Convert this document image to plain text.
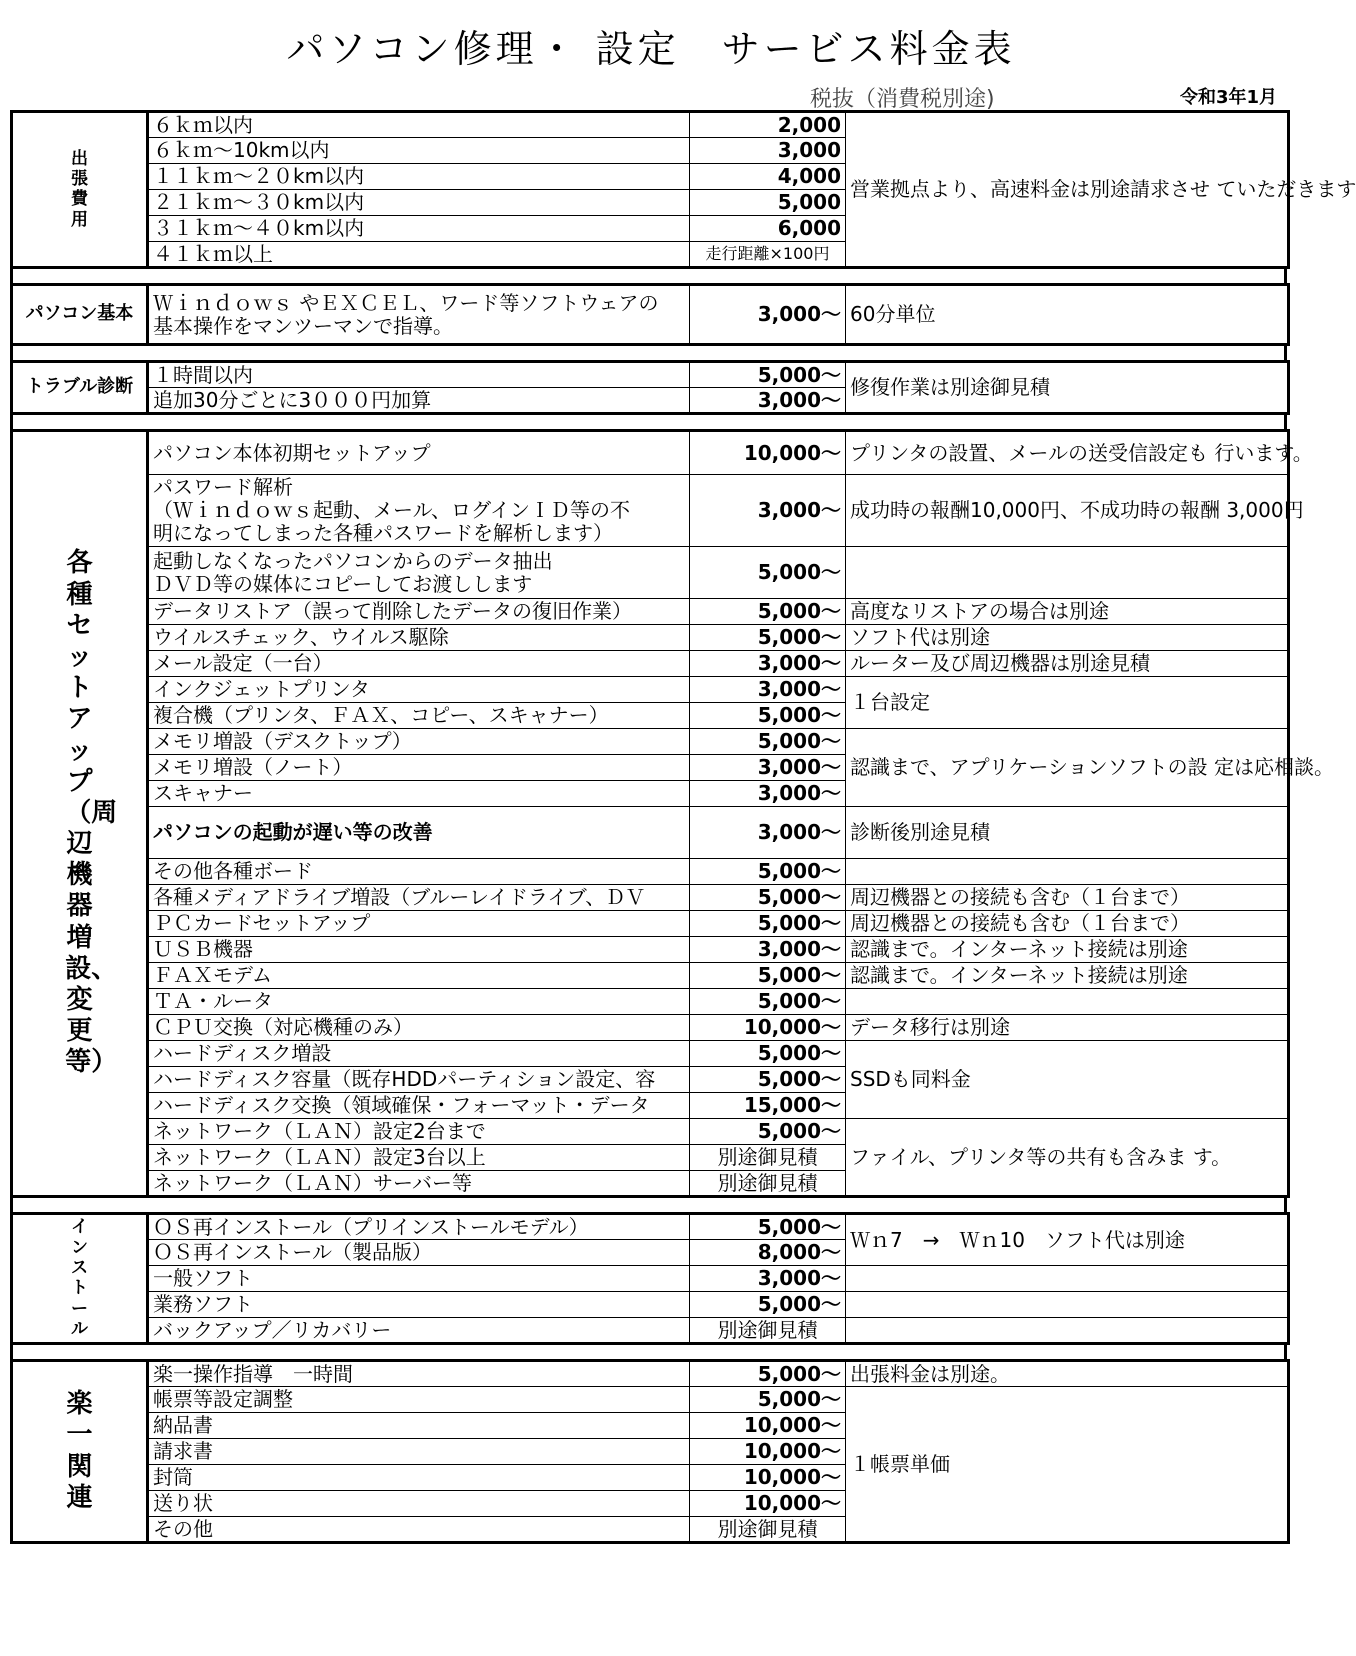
パソコン修理・ 設定　サービス料金表
税抜（消費税別途)	令和3年1月
出張費用	６ｋｍ以内	2,000	営業拠点より、高速料金は別途請求させ ていただきます
	６ｋｍ～10km以内	3,000	
	１１ｋｍ～２０km以内	4,000	
	２１ｋｍ～３０km以内	5,000	
	３１ｋｍ～４０km以内	6,000	
	４１ｋｍ以上	走行距離×100円	
パソコン基本	Ｗｉｎｄｏｗｓ やＥＸＣＥＬ、ワード等ソフトウェアの
基本操作をマンツーマンで指導。	3,000～	60分単位
トラブル診断	１時間以内	5,000～	修復作業は別途御見積
	追加30分ごとに3０００円加算	3,000～	
各種セットアップ（周辺機器増設、変更等）	パソコン本体初期セットアップ	10,000～	プリンタの設置、メールの送受信設定も 行います。
	パスワード解析
（Ｗｉｎｄｏｗｓ起動、メール、ログインＩＤ等の不
明になってしまった各種パスワードを解析します）	3,000～	成功時の報酬10,000円、不成功時の報酬 3,000円
	起動しなくなったパソコンからのデータ抽出
ＤＶＤ等の媒体にコピーしてお渡しします	5,000～	
	データリストア（誤って削除したデータの復旧作業）	5,000～	高度なリストアの場合は別途
	ウイルスチェック、ウイルス駆除	5,000～	ソフト代は別途
	メール設定（一台）	3,000～	ルーター及び周辺機器は別途見積
	インクジェットプリンタ	3,000～	１台設定
	複合機（プリンタ、ＦＡＸ、コピー、スキャナー）	5,000～	
	メモリ増設（デスクトップ）	5,000～	認識まで、アプリケーションソフトの設 定は応相談。
	メモリ増設（ノート）	3,000～	
	スキャナー	3,000～	
	パソコンの起動が遅い等の改善	3,000～	診断後別途見積
	その他各種ボード	5,000～	
	各種メディアドライブ増設（ブルーレイドライブ、ＤＶ	5,000～	周辺機器との接続も含む（１台まで）
	ＰＣカードセットアップ	5,000～	周辺機器との接続も含む（１台まで）
	ＵＳＢ機器	3,000～	認識まで。インターネット接続は別途
	ＦＡＸモデム	5,000～	認識まで。インターネット接続は別途
	ＴＡ・ルータ	5,000～	
	ＣＰＵ交換（対応機種のみ）	10,000～	データ移行は別途
	ハードディスク増設	5,000～	SSDも同料金
	ハードディスク容量（既存HDDパーティション設定、容	5,000～	
	ハードディスク交換（領域確保・フォーマット・データ	15,000～	
	ネットワーク（ＬＡＮ）設定2台まで	5,000～	ファイル、プリンタ等の共有も含みま す。
	ネットワーク（ＬＡＮ）設定3台以上	別途御見積	
	ネットワーク（ＬＡＮ）サーバー等	別途御見積	
インストール	ＯＳ再インストール（プリインストールモデル）	5,000～	Ｗｎ7　→　Ｗｎ10　ソフト代は別途
	ＯＳ再インストール（製品版）	8,000～	
	一般ソフト	3,000～	
	業務ソフト	5,000～	
	バックアップ／リカバリー	別途御見積	
楽一関連	楽一操作指導　一時間	5,000～	出張料金は別途。
	帳票等設定調整	5,000～	１帳票単価
	納品書	10,000～	
	請求書	10,000～	
	封筒	10,000～	
	送り状	10,000～	
	その他	別途御見積	
